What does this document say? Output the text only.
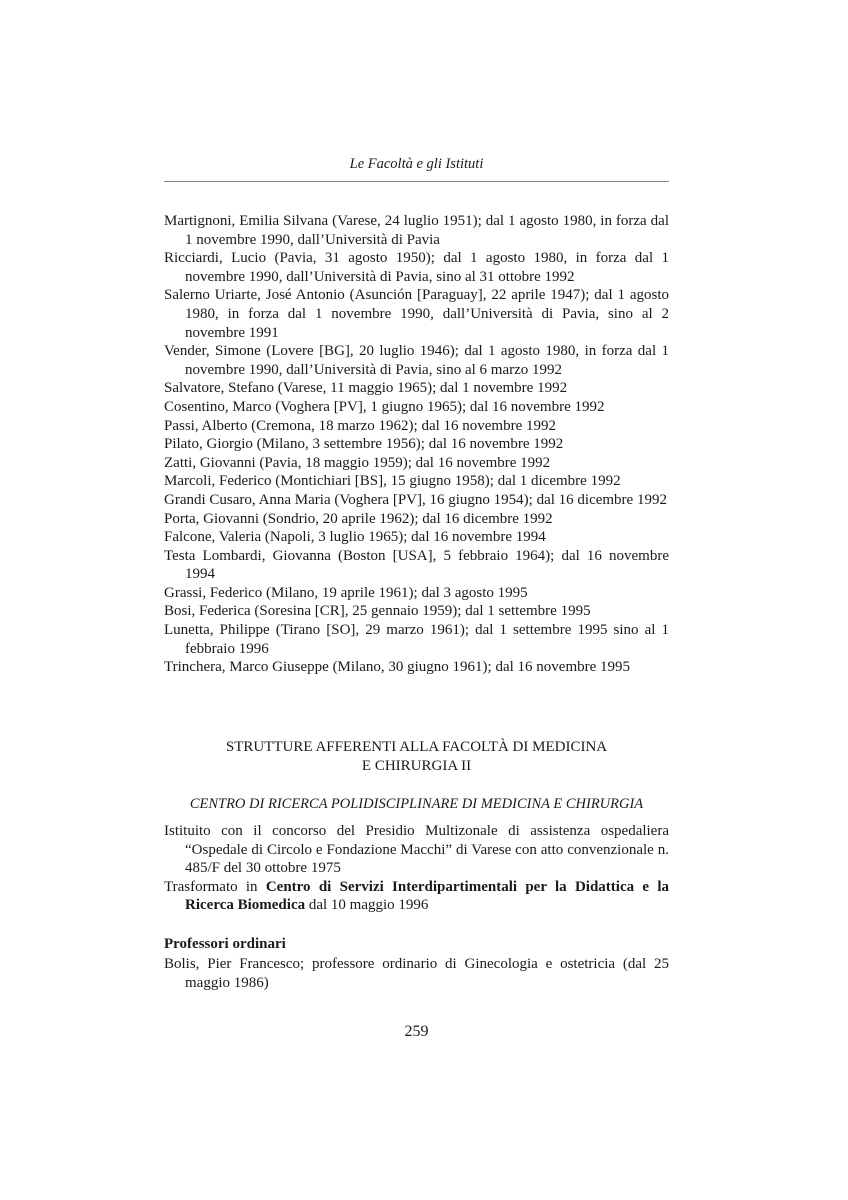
Le Facoltà e gli Istituti
Martignoni, Emilia Silvana (Varese, 24 luglio 1951); dal 1 agosto 1980, in forza dal 1 novembre 1990, dall’Università di Pavia
Ricciardi, Lucio (Pavia, 31 agosto 1950); dal 1 agosto 1980, in forza dal 1 novembre 1990, dall’Università di Pavia, sino al 31 ottobre 1992
Salerno Uriarte, José Antonio (Asunción [Paraguay], 22 aprile 1947); dal 1 agosto 1980, in forza dal 1 novembre 1990, dall’Università di Pavia, sino al 2 novembre 1991
Vender, Simone (Lovere [BG], 20 luglio 1946); dal 1 agosto 1980, in forza dal 1 novembre 1990, dall’Università di Pavia, sino al 6 marzo 1992
Salvatore, Stefano (Varese, 11 maggio 1965); dal 1 novembre 1992
Cosentino, Marco (Voghera [PV], 1 giugno 1965); dal 16 novembre 1992
Passi, Alberto (Cremona, 18 marzo 1962); dal 16 novembre 1992
Pilato, Giorgio (Milano, 3 settembre 1956); dal 16 novembre 1992
Zatti, Giovanni (Pavia, 18 maggio 1959); dal 16 novembre 1992
Marcoli, Federico (Montichiari [BS], 15 giugno 1958); dal 1 dicembre 1992
Grandi Cusaro, Anna Maria (Voghera [PV], 16 giugno 1954); dal 16 dicembre 1992
Porta, Giovanni (Sondrio, 20 aprile 1962); dal 16 dicembre 1992
Falcone, Valeria (Napoli, 3 luglio 1965); dal 16 novembre 1994
Testa Lombardi, Giovanna (Boston [USA], 5 febbraio 1964); dal 16 novembre 1994
Grassi, Federico (Milano, 19 aprile 1961); dal 3 agosto 1995
Bosi, Federica (Soresina [CR], 25 gennaio 1959); dal 1 settembre 1995
Lunetta, Philippe (Tirano [SO], 29 marzo 1961); dal 1 settembre 1995 sino al 1 febbraio 1996
Trinchera, Marco Giuseppe (Milano, 30 giugno 1961); dal 16 novembre 1995
STRUTTURE AFFERENTI ALLA FACOLTÀ DI MEDICINA
E CHIRURGIA II
CENTRO DI RICERCA POLIDISCIPLINARE DI MEDICINA E CHIRURGIA
Istituito con il concorso del Presidio Multizonale di assistenza ospedaliera “Ospedale di Circolo e Fondazione Macchi” di Varese con atto convenzionale n. 485/F del 30 ottobre 1975
Trasformato in Centro di Servizi Interdipartimentali per la Didattica e la Ricerca Biomedica dal 10 maggio 1996
Professori ordinari
Bolis, Pier Francesco; professore ordinario di Ginecologia e ostetricia (dal 25 maggio 1986)
259
